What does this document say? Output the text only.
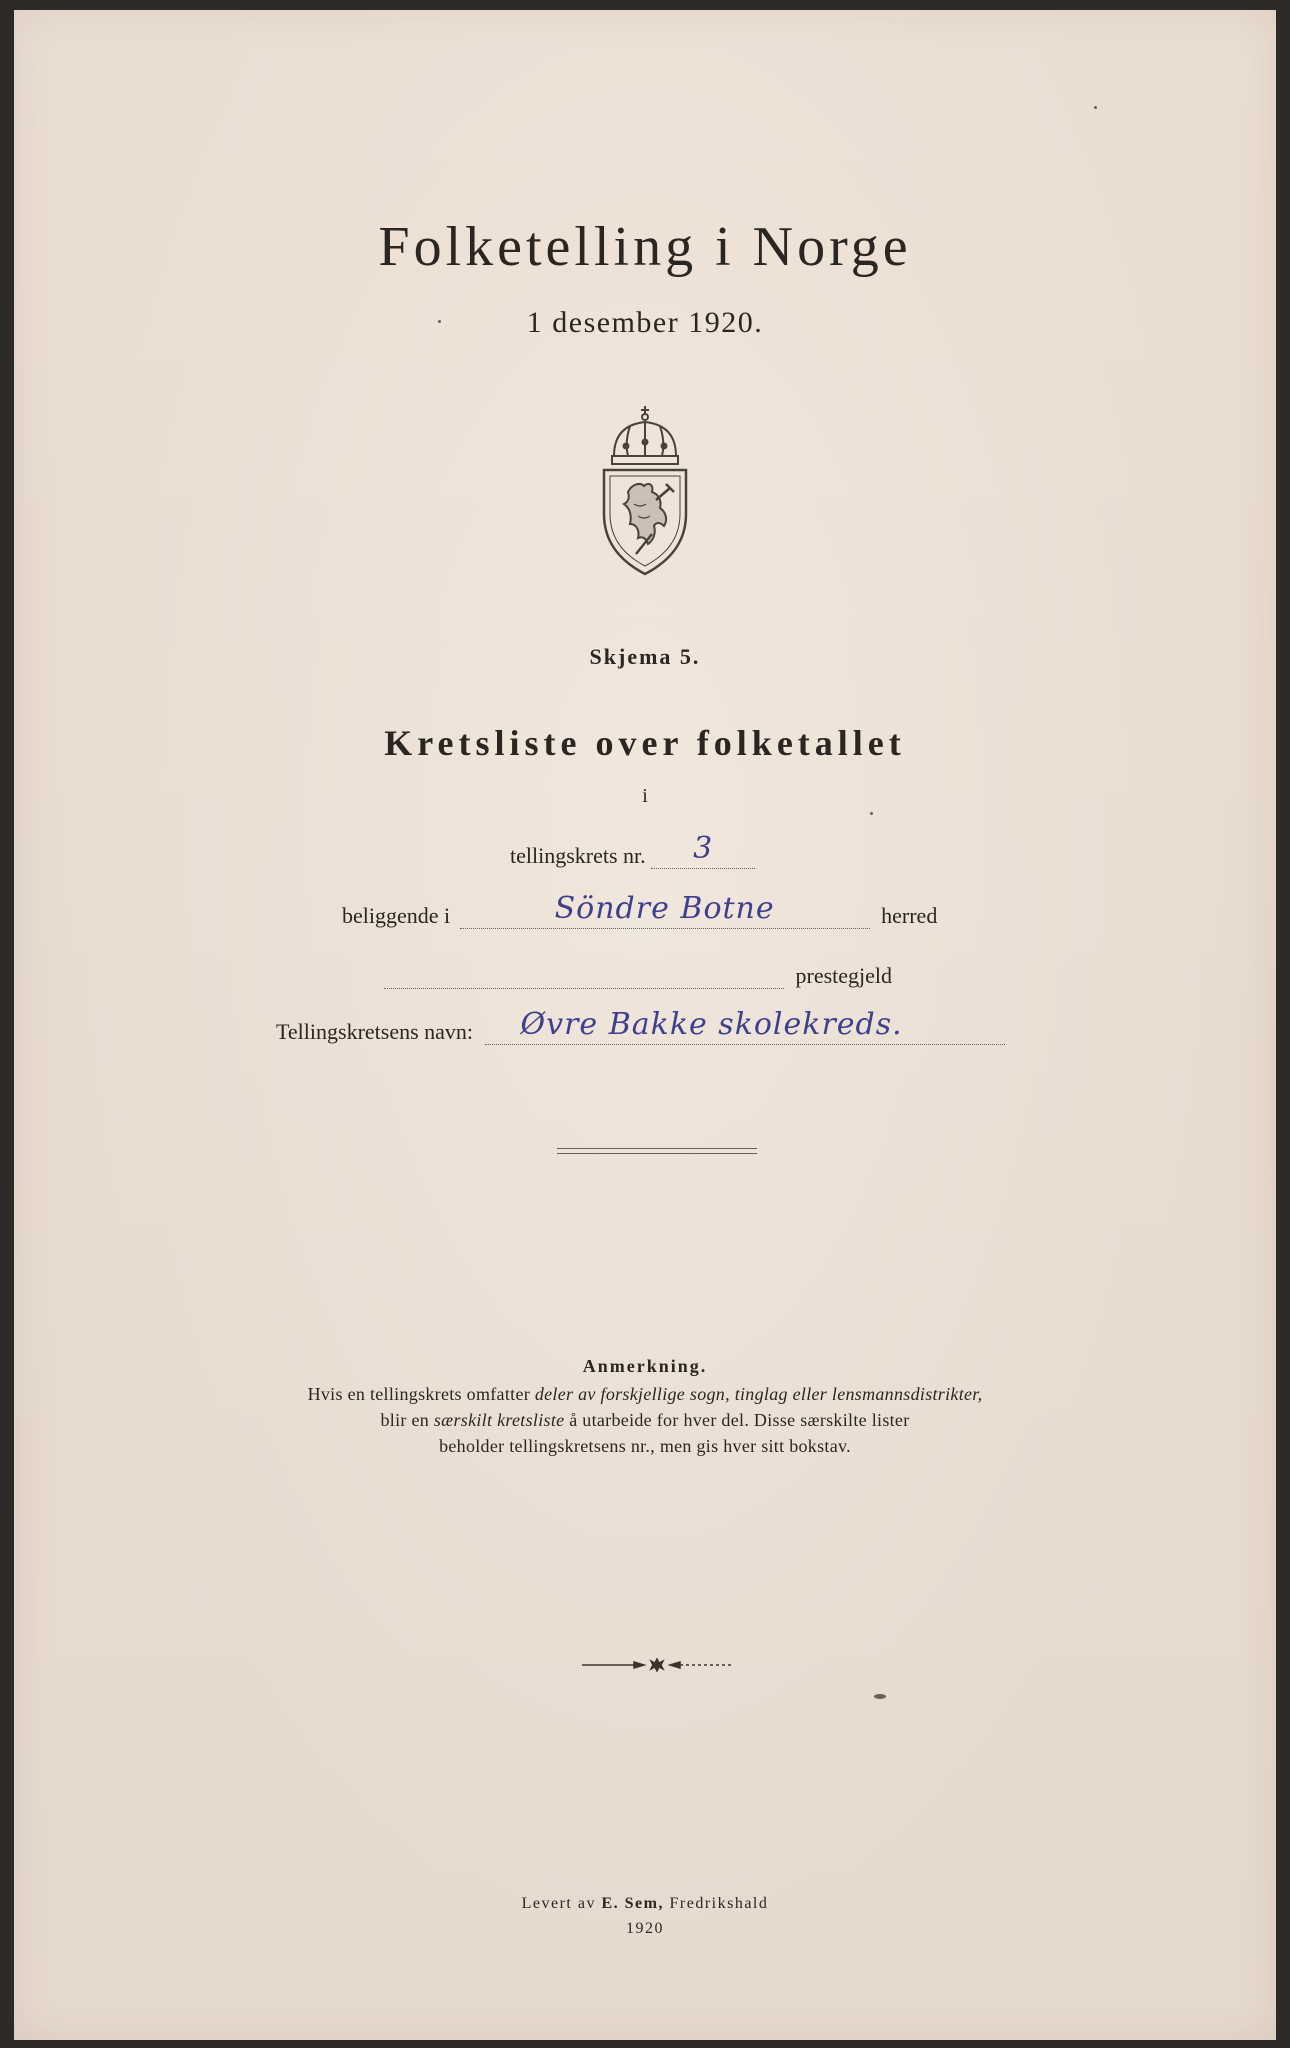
Folketelling i Norge
1 desember 1920.
Skjema 5.
Kretsliste over folketallet
i
tellingskrets nr.	3
beliggende i	Söndre Botne	herred
prestegjeld
Tellingskretsens navn: Øvre Bakke skolekreds.
Anmerkning.
Hvis en tellingskrets omfatter deler av forskjellige sogn, tinglag eller lensmannsdistrikter,
blir en særskilt kretsliste å utarbeide for hver del. Disse særskilte lister
beholder tellingskretsens nr., men gis hver sitt bokstav.
Levert av E. Sem, Fredrikshald
1920
